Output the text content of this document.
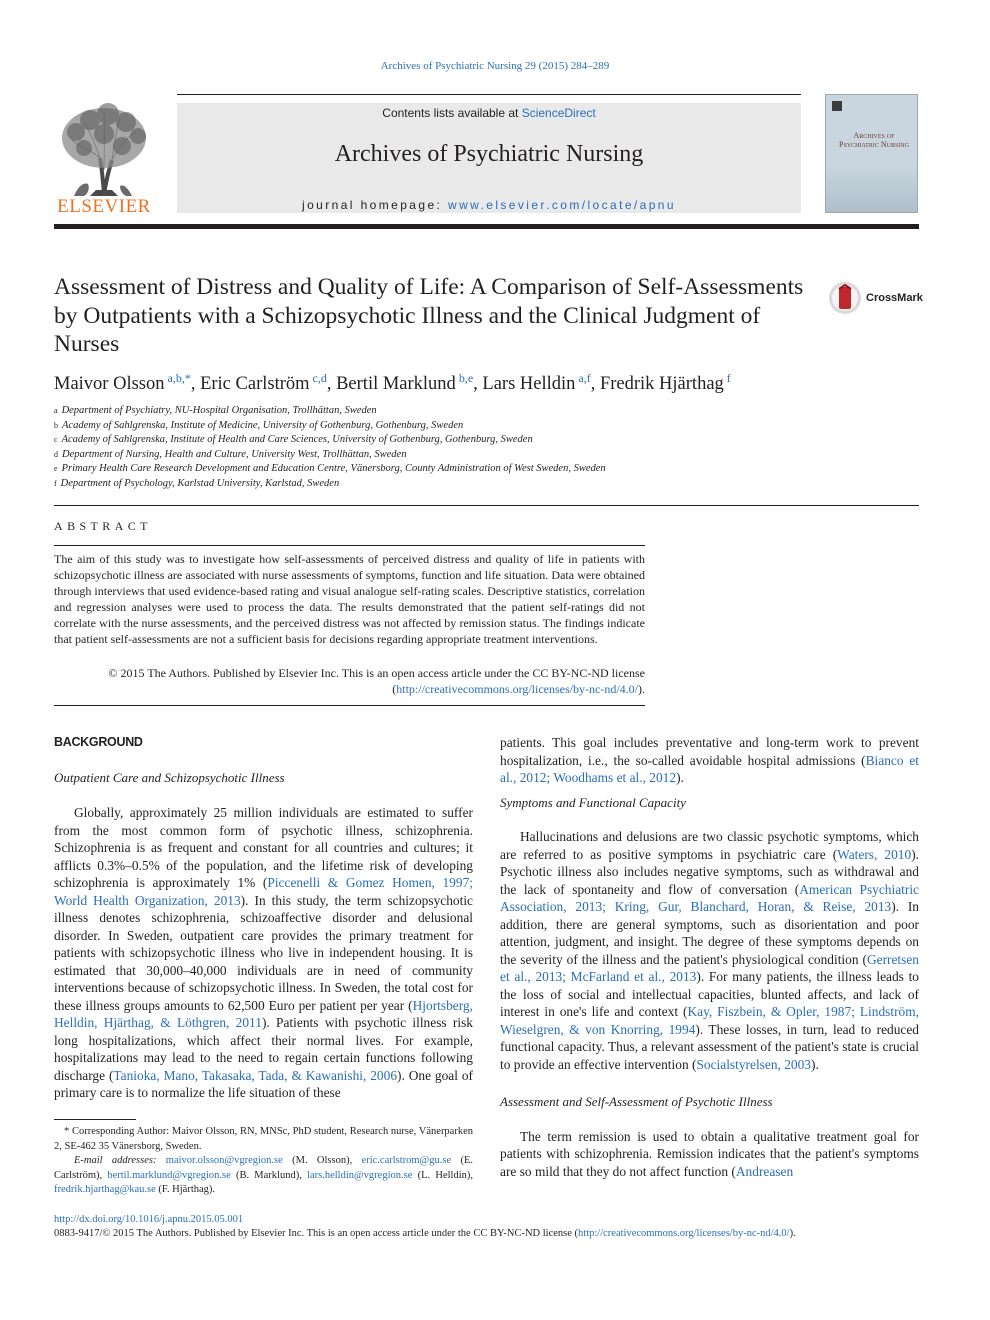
Archives of Psychiatric Nursing 29 (2015) 284–289
ELSEVIER
Contents lists available at ScienceDirect
Archives of Psychiatric Nursing
journal homepage: www.elsevier.com/locate/apnu
Archives of Psychiatric Nursing
Assessment of Distress and Quality of Life: A Comparison of Self-Assessments by Outpatients with a Schizopsychotic Illness and the Clinical Judgment of Nurses
CrossMark
Maivor Olsson $^{a,b,*}$, Eric Carlström $^{c,d}$, Bertil Marklund $^{b,e}$, Lars Helldin $^{a,f}$, Fredrik Hjärthag $^f$
$^a$ Department of Psychiatry, NU-Hospital Organisation, Trollhättan, Sweden
$^b$ Academy of Sahlgrenska, Institute of Medicine, University of Gothenburg, Gothenburg, Sweden
$^c$ Academy of Sahlgrenska, Institute of Health and Care Sciences, University of Gothenburg, Gothenburg, Sweden
$^d$ Department of Nursing, Health and Culture, University West, Trollhättan, Sweden
$^e$ Primary Health Care Research Development and Education Centre, Vänersborg, County Administration of West Sweden, Sweden
$^f$ Department of Psychology, Karlstad University, Karlstad, Sweden
ABSTRACT
The aim of this study was to investigate how self-assessments of perceived distress and quality of life in patients with schizopsychotic illness are associated with nurse assessments of symptoms, function and life situation. Data were obtained through interviews that used evidence-based rating and visual analogue self-rating scales. Descriptive statistics, correlation and regression analyses were used to process the data. The results demonstrated that the patient self-ratings did not correlate with the nurse assessments, and the perceived distress was not affected by remission status. The findings indicate that patient self-assessments are not a sufficient basis for decisions regarding appropriate treatment interventions.
© 2015 The Authors. Published by Elsevier Inc. This is an open access article under the CC BY-NC-ND license
(http://creativecommons.org/licenses/by-nc-nd/4.0/).

BACKGROUND

Outpatient Care and Schizopsychotic Illness

Globally, approximately 25 million individuals are estimated to suffer from the most common form of psychotic illness, schizophrenia. Schizophrenia is as frequent and constant for all countries and cultures; it afflicts 0.3%–0.5% of the population, and the lifetime risk of developing schizophrenia is approximately 1% (Piccenelli & Gomez Homen, 1997; World Health Organization, 2013). In this study, the term schizopsychotic illness denotes schizophrenia, schizoaffective disorder and delusional disorder. In Sweden, outpatient care provides the primary treatment for patients with schizopsychotic illness who live in independent housing. It is estimated that 30,000–40,000 individuals are in need of community interventions because of schizopsychotic illness. In Sweden, the total cost for these illness groups amounts to 62,500 Euro per patient per year (Hjortsberg, Helldin, Hjärthag, & Löthgren, 2011). Patients with psychotic illness risk long hospitalizations, which affect their normal lives. For example, hospitalizations may lead to the need to regain certain functions following discharge (Tanioka, Mano, Takasaka, Tada, & Kawanishi, 2006). One goal of primary care is to normalize the life situation of these

patients. This goal includes preventative and long-term work to prevent hospitalization, i.e., the so-called avoidable hospital admissions (Bianco et al., 2012; Woodhams et al., 2012).

Symptoms and Functional Capacity

Hallucinations and delusions are two classic psychotic symptoms, which are referred to as positive symptoms in psychiatric care (Waters, 2010). Psychotic illness also includes negative symptoms, such as withdrawal and the lack of spontaneity and flow of conversation (American Psychiatric Association, 2013; Kring, Gur, Blanchard, Horan, & Reise, 2013). In addition, there are general symptoms, such as disorientation and poor attention, judgment, and insight. The degree of these symptoms depends on the severity of the illness and the patient's physiological condition (Gerretsen et al., 2013; McFarland et al., 2013). For many patients, the illness leads to the loss of social and intellectual capacities, blunted affects, and lack of interest in one's life and context (Kay, Fiszbein, & Opler, 1987; Lindström, Wieselgren, & von Knorring, 1994). These losses, in turn, lead to reduced functional capacity. Thus, a relevant assessment of the patient's state is crucial to provide an effective intervention (Socialstyrelsen, 2003).

Assessment and Self-Assessment of Psychotic Illness

The term remission is used to obtain a qualitative treatment goal for patients with schizophrenia. Remission indicates that the patient's symptoms are so mild that they do not affect function (Andreasen

* Corresponding Author: Maivor Olsson, RN, MNSc, PhD student, Research nurse, Vänerparken 2, SE-462 35 Vänersborg, Sweden.
E-mail addresses: maivor.olsson@vgregion.se (M. Olsson), eric.carlstrom@gu.se (E. Carlström), bertil.marklund@vgregion.se (B. Marklund), lars.helldin@vgregion.se (L. Helldin), fredrik.hjarthag@kau.se (F. Hjärthag).
http://dx.doi.org/10.1016/j.apnu.2015.05.001
0883-9417/© 2015 The Authors. Published by Elsevier Inc. This is an open access article under the CC BY-NC-ND license (http://creativecommons.org/licenses/by-nc-nd/4.0/).
